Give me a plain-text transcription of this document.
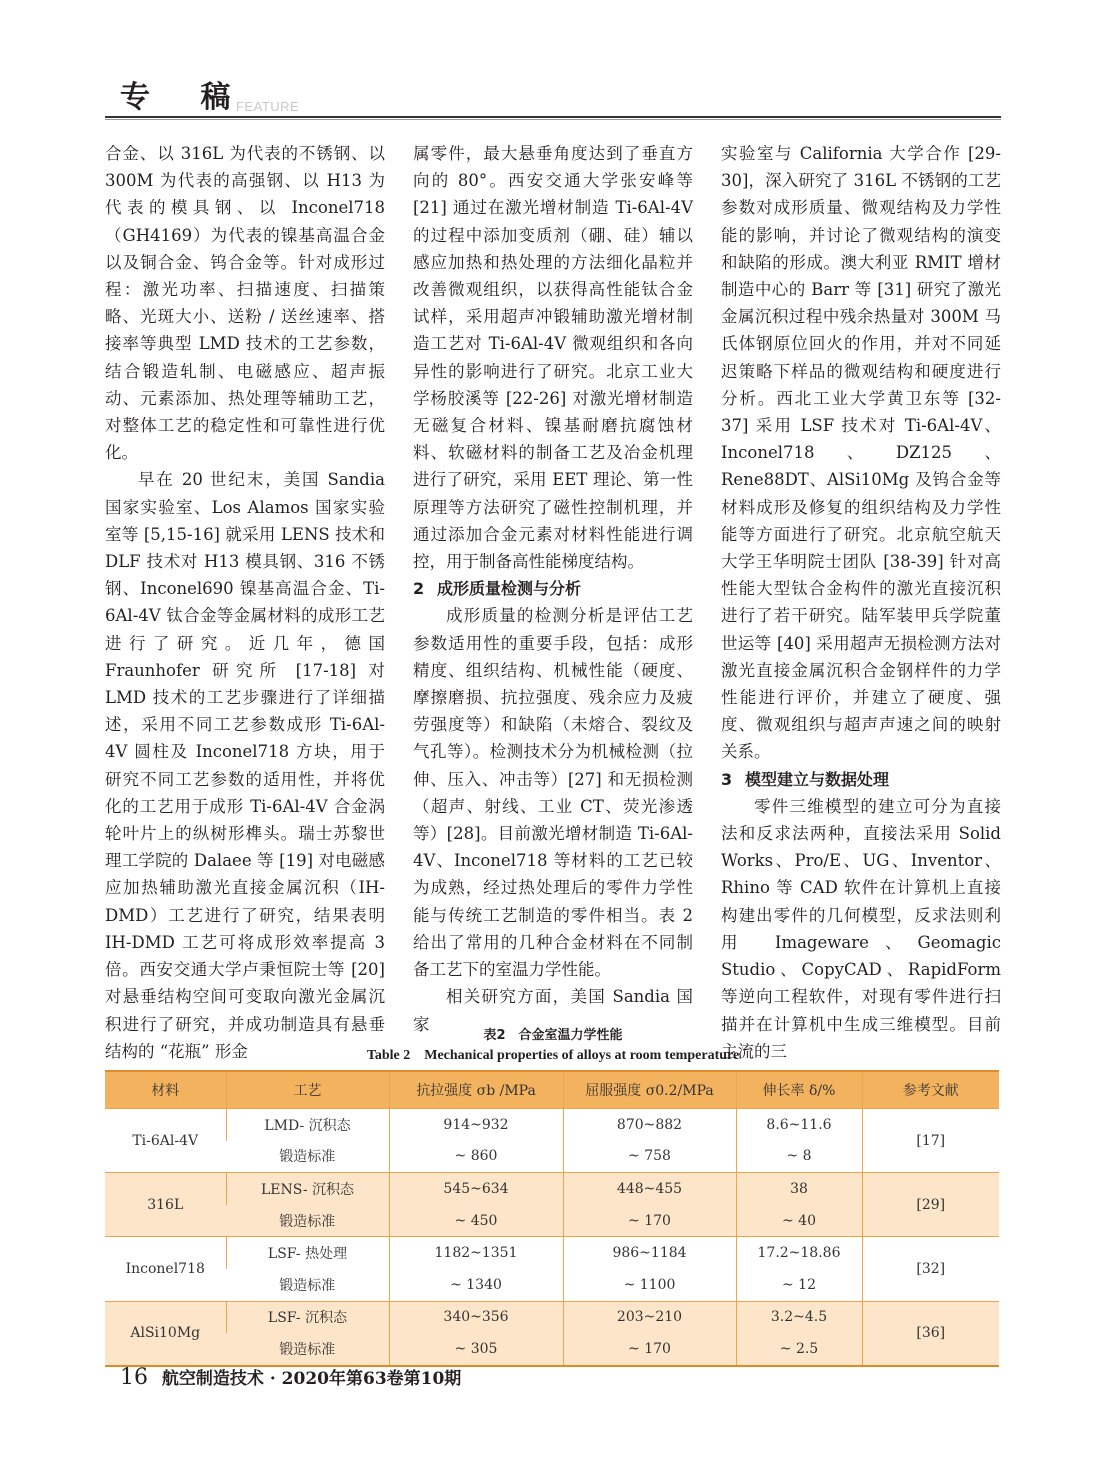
专 稿
FEATURE

合金、以 316L 为代表的不锈钢、以 300M 为代表的高强钢、以 H13 为代表的模具钢、以 Inconel718（GH4169）为代表的镍基高温合金以及铜合金、钨合金等。针对成形过程：激光功率、扫描速度、扫描策略、光斑大小、送粉 / 送丝速率、搭接率等典型 LMD 技术的工艺参数，结合锻造轧制、电磁感应、超声振动、元素添加、热处理等辅助工艺，对整体工艺的稳定性和可靠性进行优化。

早在 20 世纪末，美国 Sandia 国家实验室、Los Alamos 国家实验室等 [5,15-16] 就采用 LENS 技术和 DLF 技术对 H13 模具钢、316 不锈钢、Inconel690 镍基高温合金、Ti-6Al-4V 钛合金等金属材料的成形工艺进行了研究。近几年，德国 Fraunhofer 研究所 [17-18] 对 LMD 技术的工艺步骤进行了详细描述，采用不同工艺参数成形 Ti-6Al-4V 圆柱及 Inconel718 方块，用于研究不同工艺参数的适用性，并将优化的工艺用于成形 Ti-6Al-4V 合金涡轮叶片上的纵树形榫头。瑞士苏黎世理工学院的 Dalaee 等 [19] 对电磁感应加热辅助激光直接金属沉积（IH-DMD）工艺进行了研究，结果表明 IH-DMD 工艺可将成形效率提高 3 倍。西安交通大学卢秉恒院士等 [20] 对悬垂结构空间可变取向激光金属沉积进行了研究，并成功制造具有悬垂结构的 “花瓶” 形金

属零件，最大悬垂角度达到了垂直方向的 80°。西安交通大学张安峰等 [21] 通过在激光增材制造 Ti-6Al-4V 的过程中添加变质剂（硼、硅）辅以感应加热和热处理的方法细化晶粒并改善微观组织，以获得高性能钛合金试样，采用超声冲锻辅助激光增材制造工艺对 Ti-6Al-4V 微观组织和各向异性的影响进行了研究。北京工业大学杨胶溪等 [22-26] 对激光增材制造无磁复合材料、镍基耐磨抗腐蚀材料、软磁材料的制备工艺及冶金机理进行了研究，采用 EET 理论、第一性原理等方法研究了磁性控制机理，并通过添加合金元素对材料性能进行调控，用于制备高性能梯度结构。

2 成形质量检测与分析

成形质量的检测分析是评估工艺参数适用性的重要手段，包括：成形精度、组织结构、机械性能（硬度、摩擦磨损、抗拉强度、残余应力及疲劳强度等）和缺陷（未熔合、裂纹及气孔等）。检测技术分为机械检测（拉伸、压入、冲击等）[27] 和无损检测（超声、射线、工业 CT、荧光渗透等）[28]。目前激光增材制造 Ti-6Al-4V、Inconel718 等材料的工艺已较为成熟，经过热处理后的零件力学性能与传统工艺制造的零件相当。表 2 给出了常用的几种合金材料在不同制备工艺下的室温力学性能。

相关研究方面，美国 Sandia 国家

实验室与 California 大学合作 [29-30]，深入研究了 316L 不锈钢的工艺参数对成形质量、微观结构及力学性能的影响，并讨论了微观结构的演变和缺陷的形成。澳大利亚 RMIT 增材制造中心的 Barr 等 [31] 研究了激光金属沉积过程中残余热量对 300M 马氏体钢原位回火的作用，并对不同延迟策略下样品的微观结构和硬度进行分析。西北工业大学黄卫东等 [32-37] 采用 LSF 技术对 Ti-6Al-4V、Inconel718、DZ125、Rene88DT、AlSi10Mg 及钨合金等材料成形及修复的组织结构及力学性能等方面进行了研究。北京航空航天大学王华明院士团队 [38-39] 针对高性能大型钛合金构件的激光直接沉积进行了若干研究。陆军装甲兵学院董世运等 [40] 采用超声无损检测方法对激光直接金属沉积合金钢样件的力学性能进行评价，并建立了硬度、强度、微观组织与超声声速之间的映射关系。

3 模型建立与数据处理

零件三维模型的建立可分为直接法和反求法两种，直接法采用 Solid Works、Pro/E、UG、Inventor、Rhino 等 CAD 软件在计算机上直接构建出零件的几何模型，反求法则利用 Imageware、Geomagic Studio、CopyCAD、RapidForm 等逆向工程软件，对现有零件进行扫描并在计算机中生成三维模型。目前主流的三

表2　合金室温力学性能
Table 2　Mechanical properties of alloys at room temperature
材料	工艺	抗拉强度 σb /MPa	屈服强度 σ0.2/MPa	伸长率 δ/%	参考文献
Ti-6Al-4V	LMD- 沉积态	914~932	870~882	8.6~11.6	[17]
	锻造标准	~ 860	~ 758	~ 8	
316L	LENS- 沉积态	545~634	448~455	38	[29]
	锻造标准	~ 450	~ 170	~ 40	
Inconel718	LSF- 热处理	1182~1351	986~1184	17.2~18.86	[32]
	锻造标准	~ 1340	~ 1100	~ 12	
AlSi10Mg	LSF- 沉积态	340~356	203~210	3.2~4.5	[36]
	锻造标准	~ 305	~ 170	~ 2.5	
16 航空制造技术 · 2020年第63卷第10期
